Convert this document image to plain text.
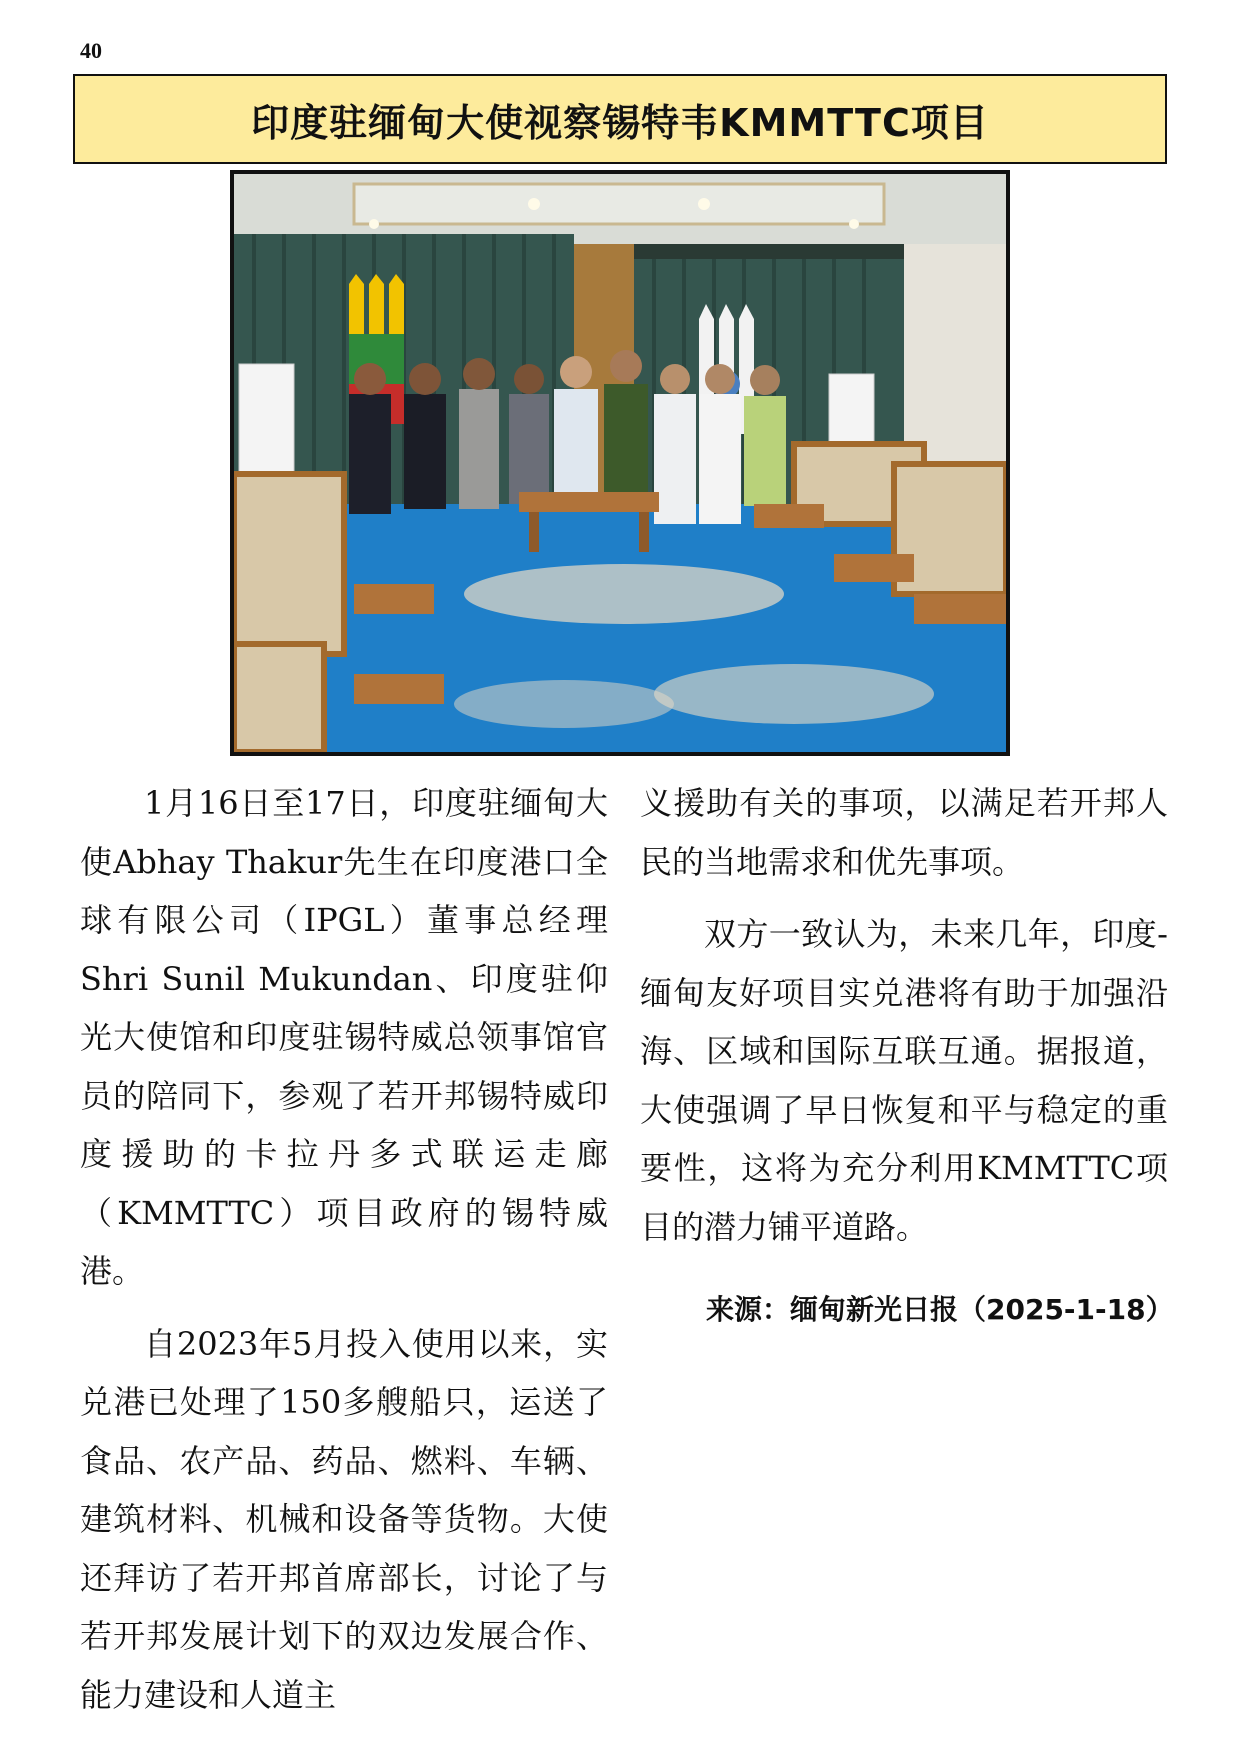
40
印度驻缅甸大使视察锡特韦KMMTTC项目

1月16日至17日，印度驻缅甸大使Abhay Thakur先生在印度港口全球有限公司（IPGL）董事总经理Shri Sunil Mukundan、印度驻仰光大使馆和印度驻锡特威总领事馆官员的陪同下，参观了若开邦锡特威印度援助的卡拉丹多式联运走廊（KMMTTC）项目政府的锡特威港。

自2023年5月投入使用以来，实兑港已处理了150多艘船只，运送了食品、农产品、药品、燃料、车辆、建筑材料、机械和设备等货物。大使还拜访了若开邦首席部长，讨论了与若开邦发展计划下的双边发展合作、能力建设和人道主

义援助有关的事项，以满足若开邦人民的当地需求和优先事项。

双方一致认为，未来几年，印度-缅甸友好项目实兑港将有助于加强沿海、区域和国际互联互通。据报道，大使强调了早日恢复和平与稳定的重要性，这将为充分利用KMMTTC项目的潜力铺平道路。

来源：缅甸新光日报（2025-1-18）
